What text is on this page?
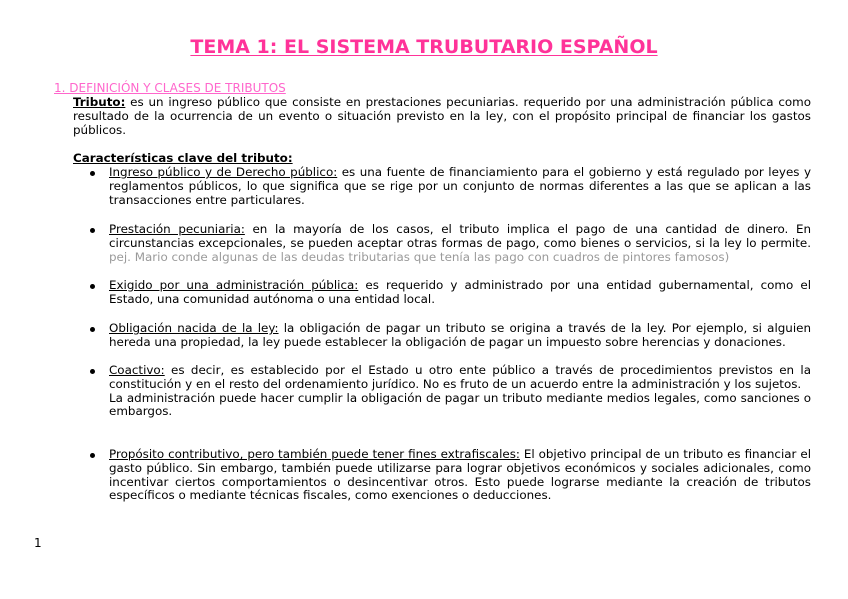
TEMA 1: EL SISTEMA TRUBUTARIO ESPAÑOL
1. DEFINICIÓN Y CLASES DE TRIBUTOS
Tributo: es un ingreso público que consiste en prestaciones pecuniarias. requerido por una administración pública como resultado de la ocurrencia de un evento o situación previsto en la ley, con el propósito principal de financiar los gastos públicos.
Características clave del tributo:
Ingreso público y de Derecho público: es una fuente de financiamiento para el gobierno y está regulado por leyes y reglamentos públicos, lo que significa que se rige por un conjunto de normas diferentes a las que se aplican a las transacciones entre particulares.
Prestación pecuniaria: en la mayoría de los casos, el tributo implica el pago de una cantidad de dinero. En circunstancias excepcionales, se pueden aceptar otras formas de pago, como bienes o servicios, si la ley lo permite. pej. Mario conde algunas de las deudas tributarias que tenía las pago con cuadros de pintores famosos)
Exigido por una administración pública: es requerido y administrado por una entidad gubernamental, como el Estado, una comunidad autónoma o una entidad local.
Obligación nacida de la ley: la obligación de pagar un tributo se origina a través de la ley. Por ejemplo, si alguien hereda una propiedad, la ley puede establecer la obligación de pagar un impuesto sobre herencias y donaciones.
Coactivo: es decir, es establecido por el Estado u otro ente público a través de procedimientos previstos en la constitución y en el resto del ordenamiento jurídico. No es fruto de un acuerdo entre la administración y los sujetos.
La administración puede hacer cumplir la obligación de pagar un tributo mediante medios legales, como sanciones o embargos.
Propósito contributivo, pero también puede tener fines extrafiscales: El objetivo principal de un tributo es financiar el gasto público. Sin embargo, también puede utilizarse para lograr objetivos económicos y sociales adicionales, como incentivar ciertos comportamientos o desincentivar otros. Esto puede lograrse mediante la creación de tributos específicos o mediante técnicas fiscales, como exenciones o deducciones.
1
